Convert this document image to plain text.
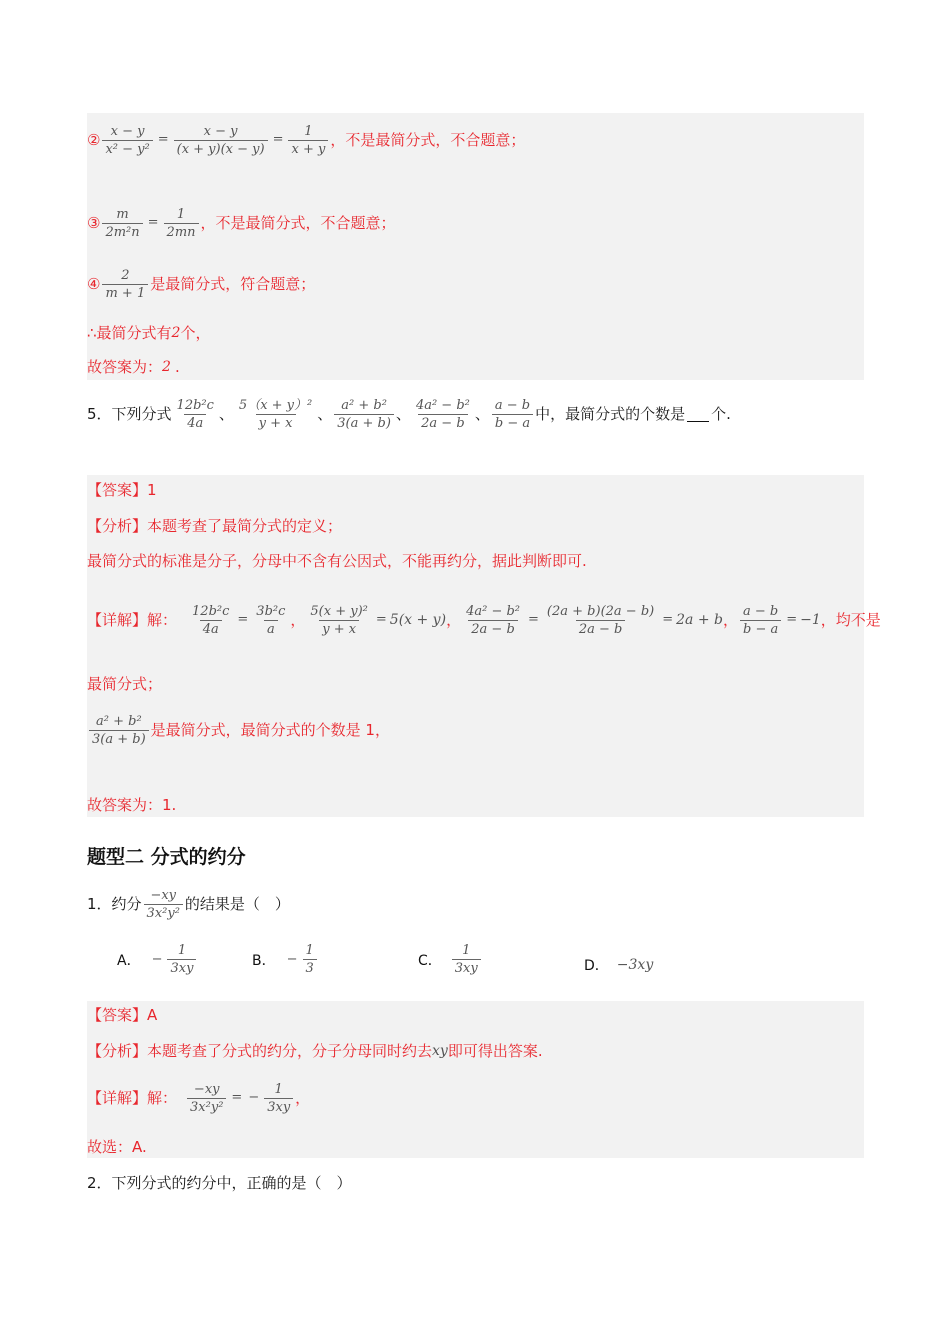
② $\frac{x - y}{\text{x² − y²}} = \frac{x - y}{(x + y)(x - y)} = \frac{1}{x + y}$ ，不是最简分式，不合题意；
③ $\frac{m}{\text{2m²n}} = \frac{1}{2mn}$ ，不是最简分式，不合题意；
④ $\frac{2}{m + 1}$ 是最简分式，符合题意；
∴最简分式有 2 个，
故答案为： 2 .
5．下列分式 $\frac{\text{12b²c}}{4a}$ 、 $\frac{\text{5（x + y）²}}{y + x}$ 、 $\frac{\text{a² + b²}}{3(a + b)}$ 、 $\frac{\text{4a² − b²}}{2a - b}$ 、 $\frac{a - b}{b - a}$ 中，最简分式的个数是 个.
【答案】 1
【分析】 本题考查了最简分式的定义；
最简分式的标准是分子，分母中不含有公因式，不能再约分，据此判断即可.
【详解】 解： $\frac{\text{12b²c}}{4a} = \frac{\text{3b²c}}{a}$ ， $\frac{\text{5(x + y)²}}{y + x} = 5(x + y)$ ， $\frac{\text{4a² − b²}}{2a - b} = \frac{(2a + b)(2a - b)}{2a - b} = 2a + b$ ， $\frac{a - b}{b - a} = -1$ ，均不是
最简分式；
$\frac{\text{a² + b²}}{3(a + b)}$ 是最简分式，最简分式的个数是 1，
故答案为：1.
题型二 分式的约分
1．约分 $\frac{-xy}{\text{3x²y²}}$ 的结果是（　）
A． − $\frac{1}{3xy}$	B． − $\frac{1}{3}$	C． $\frac{1}{3xy}$	D． −3xy
【答案】 A
【分析】 本题考查了分式的约分，分子分母同时约去 xy 即可得出答案.
【详解】 解： $\frac{-xy}{\text{3x²y²}}$ = − $\frac{1}{3xy}$ ，
故选：A.
2．下列分式的约分中，正确的是（　）
